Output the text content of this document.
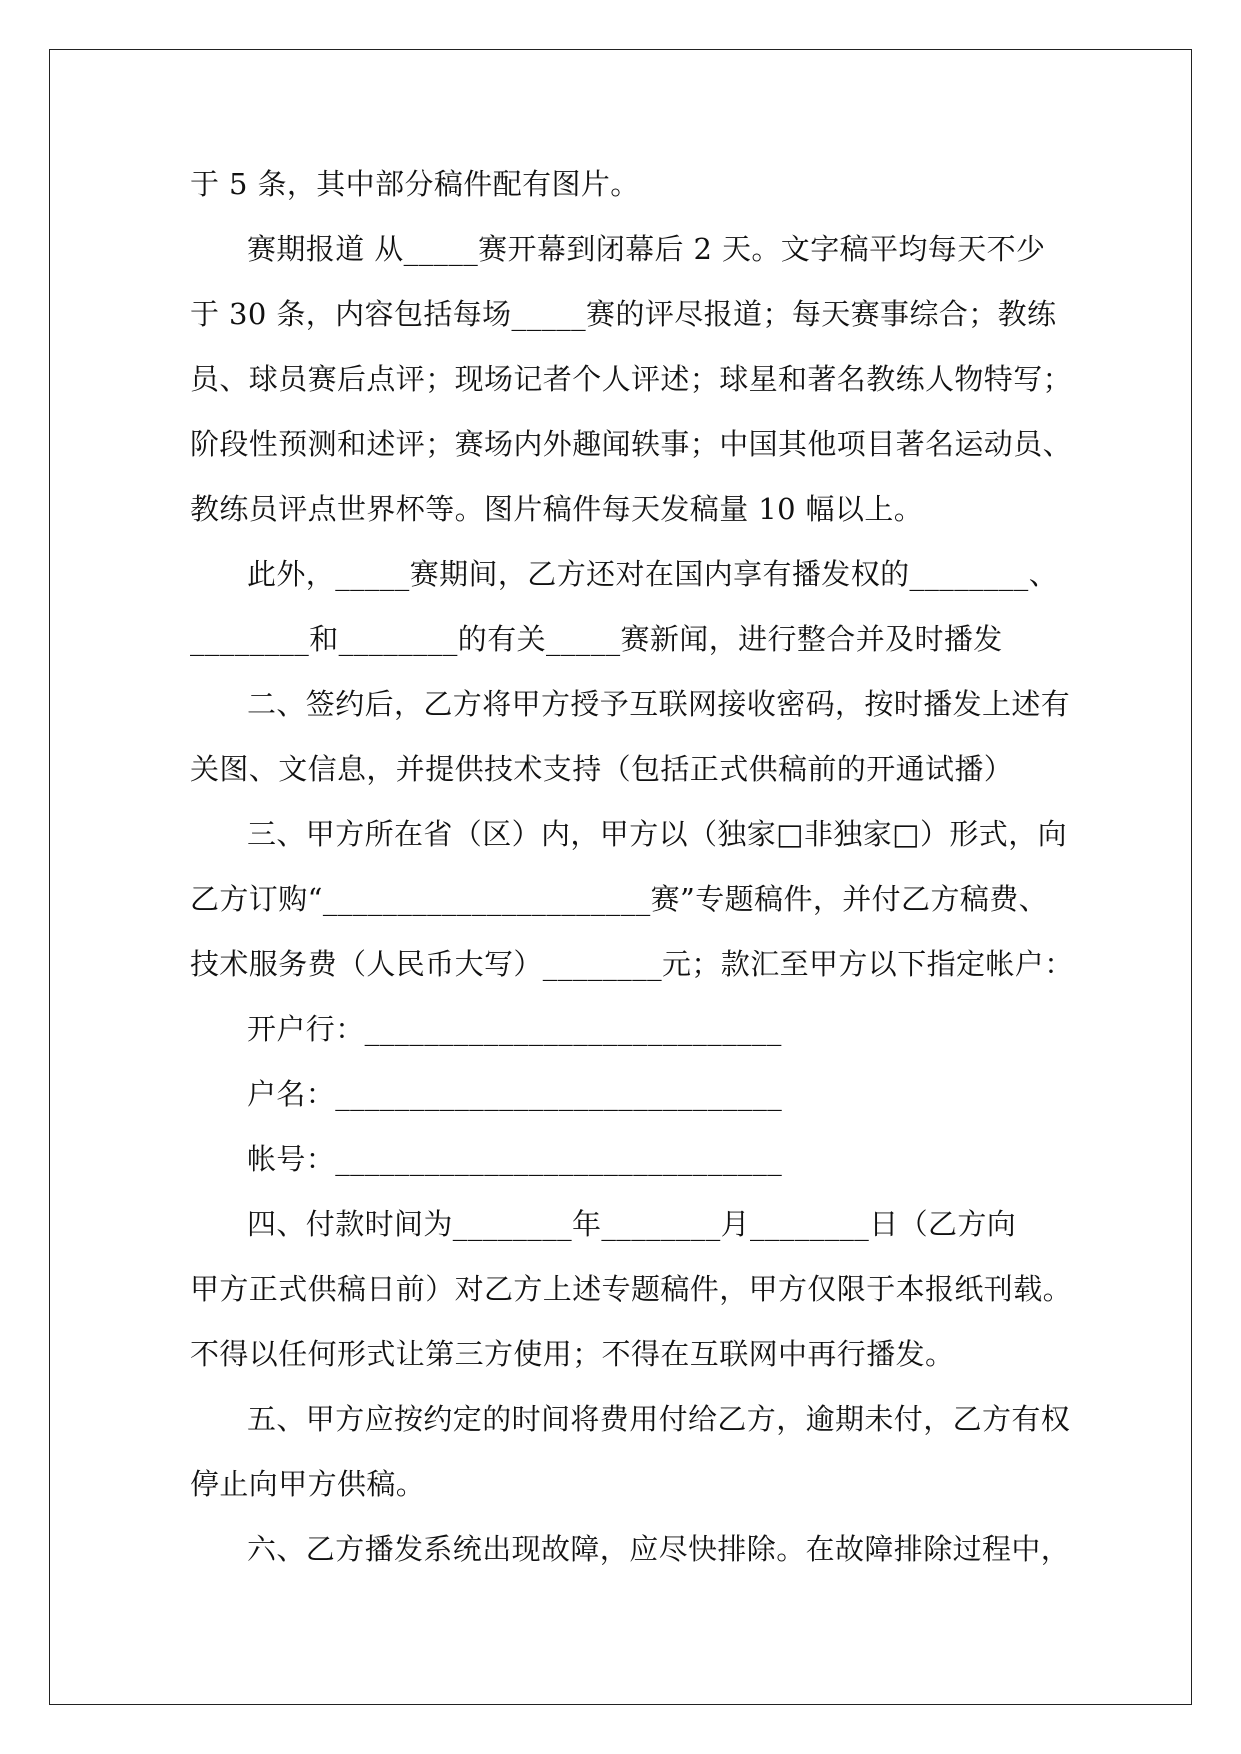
于 5 条，其中部分稿件配有图片。
赛期报道 从_____赛开幕到闭幕后 2 天。文字稿平均每天不少
于 30 条，内容包括每场_____赛的评尽报道；每天赛事综合；教练
员、球员赛后点评；现场记者个人评述；球星和著名教练人物特写；
阶段性预测和述评；赛场内外趣闻轶事；中国其他项目著名运动员、
教练员评点世界杯等。图片稿件每天发稿量 10 幅以上。
此外，_____赛期间，乙方还对在国内享有播发权的________、
________和________的有关_____赛新闻，进行整合并及时播发
二、签约后，乙方将甲方授予互联网接收密码，按时播发上述有
关图、文信息，并提供技术支持（包括正式供稿前的开通试播）
三、甲方所在省（区）内，甲方以（独家□非独家□）形式，向
乙方订购“______________________赛”专题稿件，并付乙方稿费、
技术服务费（人民币大写）________元；款汇至甲方以下指定帐户：
开户行：____________________________
户名：______________________________
帐号：______________________________
四、付款时间为________年________月________日（乙方向
甲方正式供稿日前）对乙方上述专题稿件，甲方仅限于本报纸刊载。
不得以任何形式让第三方使用；不得在互联网中再行播发。
五、甲方应按约定的时间将费用付给乙方，逾期未付，乙方有权
停止向甲方供稿。
六、乙方播发系统出现故障，应尽快排除。在故障排除过程中，
